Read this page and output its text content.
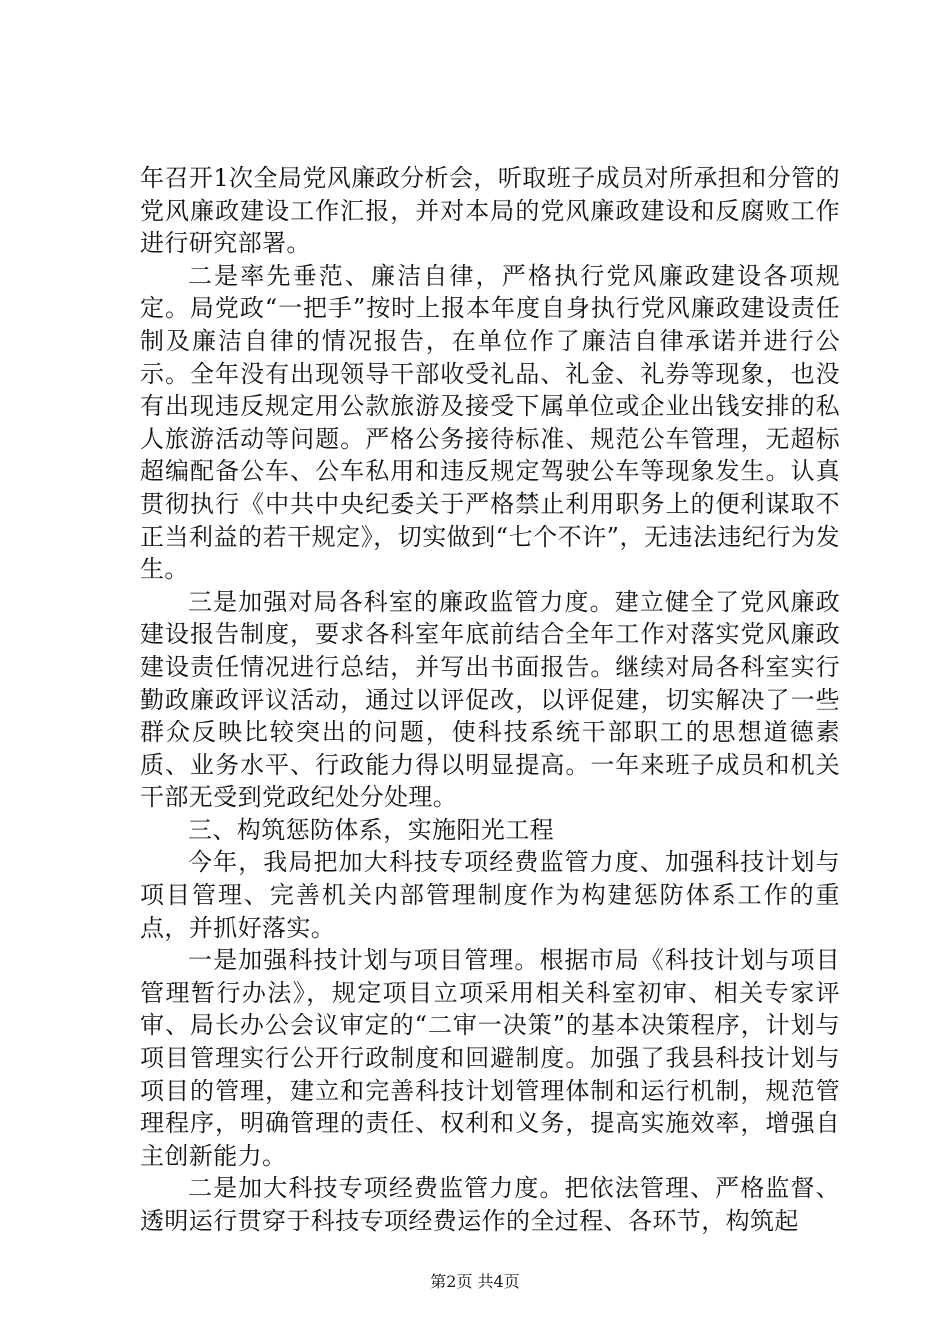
年召开1次全局党风廉政分析会，听取班子成员对所承担和分管的党风廉政建设工作汇报，并对本局的党风廉政建设和反腐败工作进行研究部署。

二是率先垂范、廉洁自律，严格执行党风廉政建设各项规定。局党政“一把手”按时上报本年度自身执行党风廉政建设责任制及廉洁自律的情况报告，在单位作了廉洁自律承诺并进行公示。全年没有出现领导干部收受礼品、礼金、礼券等现象，也没有出现违反规定用公款旅游及接受下属单位或企业出钱安排的私人旅游活动等问题。严格公务接待标准、规范公车管理，无超标超编配备公车、公车私用和违反规定驾驶公车等现象发生。认真贯彻执行《中共中央纪委关于严格禁止利用职务上的便利谋取不正当利益的若干规定》，切实做到“七个不许”，无违法违纪行为发生。

三是加强对局各科室的廉政监管力度。建立健全了党风廉政建设报告制度，要求各科室年底前结合全年工作对落实党风廉政建设责任情况进行总结，并写出书面报告。继续对局各科室实行勤政廉政评议活动，通过以评促改，以评促建，切实解决了一些群众反映比较突出的问题，使科技系统干部职工的思想道德素质、业务水平、行政能力得以明显提高。一年来班子成员和机关干部无受到党政纪处分处理。

三、构筑惩防体系，实施阳光工程

今年，我局把加大科技专项经费监管力度、加强科技计划与项目管理、完善机关内部管理制度作为构建惩防体系工作的重点，并抓好落实。

一是加强科技计划与项目管理。根据市局《科技计划与项目管理暂行办法》，规定项目立项采用相关科室初审、相关专家评审、局长办公会议审定的“二审一决策”的基本决策程序，计划与项目管理实行公开行政制度和回避制度。加强了我县科技计划与项目的管理，建立和完善科技计划管理体制和运行机制，规范管理程序，明确管理的责任、权利和义务，提高实施效率，增强自主创新能力。

二是加大科技专项经费监管力度。把依法管理、严格监督、透明运行贯穿于科技专项经费运作的全过程、各环节，构筑起

第2页 共4页
